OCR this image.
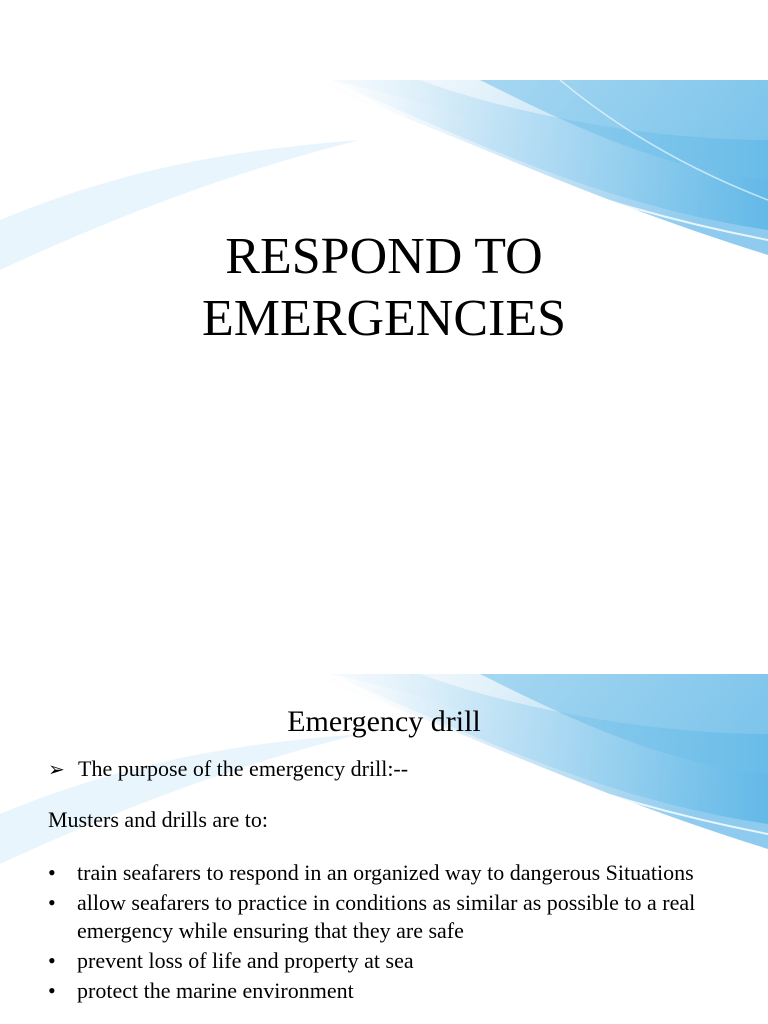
RESPOND TO
EMERGENCIES
Emergency drill
➢ The purpose of the emergency drill:--
Musters and drills are to:
• train seafarers to respond in an organized way to dangerous Situations
• allow seafarers to practice in conditions as similar as possible to a real emergency while ensuring that they are safe
• prevent loss of life and property at sea
• protect the marine environment
